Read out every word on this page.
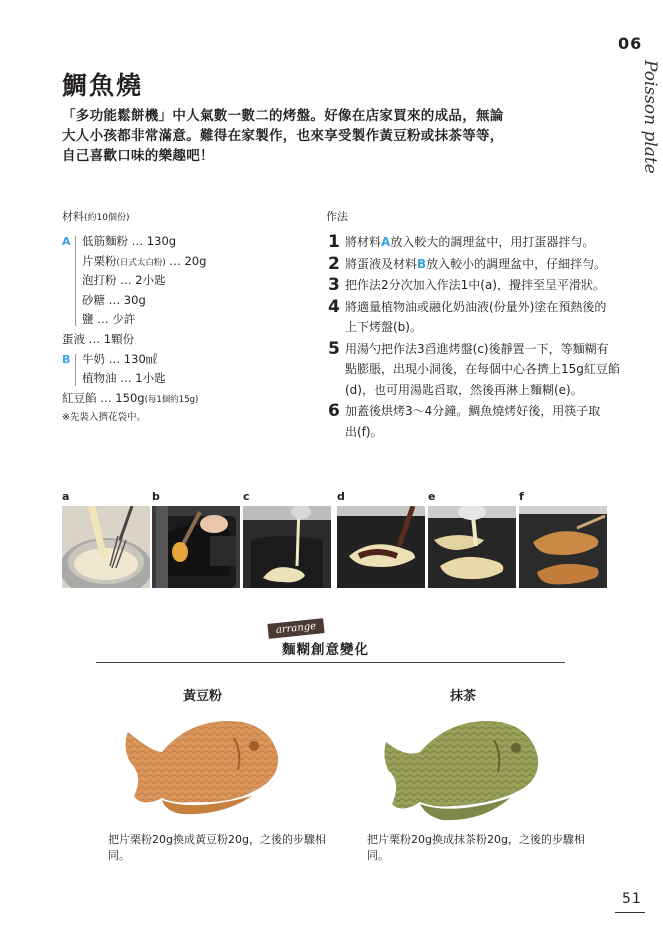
06
Poisson plate
鯛魚燒

「多功能鬆餅機」中人氣數一數二的烤盤。好像在店家買來的成品，無論

大人小孩都非常滿意。難得在家製作，也來享受製作黃豆粉或抹茶等等，

自己喜歡口味的樂趣吧！

材料(約10個份)
A 低筋麵粉 … 130g
片栗粉(日式太白粉) … 20g
泡打粉 … 2小匙
砂糖 … 30g
鹽 … 少許
蛋液 … 1顆份
B 牛奶 … 130㎖
植物油 … 1小匙
紅豆餡 … 150g(每1個約15g)
※先裝入擠花袋中。
作法
1 將材料A放入較大的調理盆中，用打蛋器拌勻。
2 將蛋液及材料B放入較小的調理盆中，仔細拌勻。
3 把作法2分次加入作法1中(a)，攪拌至呈平滑狀。
4 將適量植物油或融化奶油液(份量外)塗在預熱後的
上下烤盤(b)。
5 用湯勺把作法3舀進烤盤(c)後靜置一下，等麵糊有
點膨脹，出現小洞後，在每個中心各擠上15g紅豆餡
(d)，也可用湯匙舀取，然後再淋上麵糊(e)。
6 加蓋後烘烤3～4分鐘。鯛魚燒烤好後，用筷子取
出(f)。
a	b	c	d	e	f
arrange
麵糊創意變化
黃豆粉	抹茶
把片栗粉20g換成黃豆粉20g，之後的步驟相同。
把片栗粉20g換成抹茶粉20g，之後的步驟相同。
51
